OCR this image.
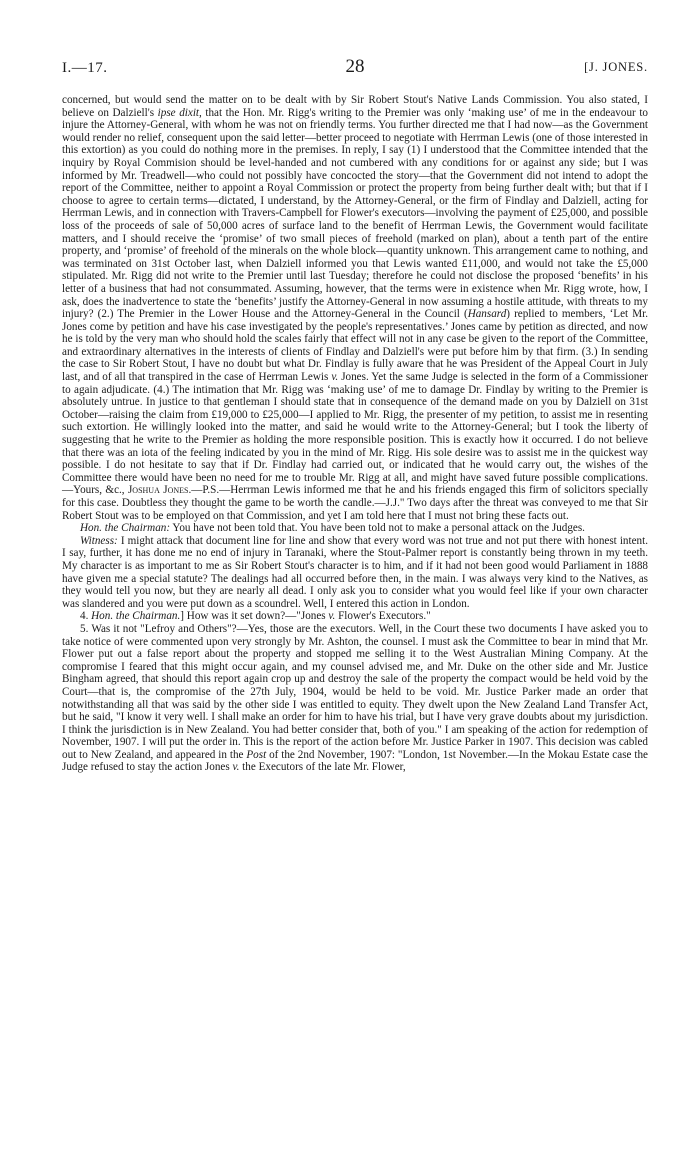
I.—17.	28	[J. JONES.

concerned, but would send the matter on to be dealt with by Sir Robert Stout's Native Lands Commission. You also stated, I believe on Dalziell's ipse dixit, that the Hon. Mr. Rigg's writing to the Premier was only ‘making use’ of me in the endeavour to injure the Attorney-General, with whom he was not on friendly terms. You further directed me that I had now—as the Government would render no relief, consequent upon the said letter—better proceed to negotiate with Herrman Lewis (one of those interested in this extortion) as you could do nothing more in the premises. In reply, I say (1) I understood that the Committee intended that the inquiry by Royal Commision should be level-handed and not cumbered with any conditions for or against any side; but I was informed by Mr. Treadwell—who could not possibly have concocted the story—that the Government did not intend to adopt the report of the Committee, neither to appoint a Royal Commission or protect the property from being further dealt with; but that if I choose to agree to certain terms—dictated, I understand, by the Attorney-General, or the firm of Findlay and Dalziell, acting for Herrman Lewis, and in connection with Travers-Campbell for Flower's executors—involving the payment of £25,000, and possible loss of the proceeds of sale of 50,000 acres of surface land to the benefit of Herrman Lewis, the Government would facilitate matters, and I should receive the ‘promise’ of two small pieces of freehold (marked on plan), about a tenth part of the entire property, and ‘promise’ of freehold of the minerals on the whole block—quantity unknown. This arrangement came to nothing, and was terminated on 31st October last, when Dalziell informed you that Lewis wanted £11,000, and would not take the £5,000 stipulated. Mr. Rigg did not write to the Premier until last Tuesday; therefore he could not disclose the proposed ‘benefits’ in his letter of a business that had not consummated. Assuming, however, that the terms were in existence when Mr. Rigg wrote, how, I ask, does the inadvertence to state the ‘benefits’ justify the Attorney-General in now assuming a hostile attitude, with threats to my injury? (2.) The Premier in the Lower House and the Attorney-General in the Council (Hansard) replied to members, ‘Let Mr. Jones come by petition and have his case investigated by the people's representatives.’ Jones came by petition as directed, and now he is told by the very man who should hold the scales fairly that effect will not in any case be given to the report of the Committee, and extraordinary alternatives in the interests of clients of Findlay and Dalziell's were put before him by that firm. (3.) In sending the case to Sir Robert Stout, I have no doubt but what Dr. Findlay is fully aware that he was President of the Appeal Court in July last, and of all that transpired in the case of Herrman Lewis v. Jones. Yet the same Judge is selected in the form of a Commissioner to again adjudicate. (4.) The intimation that Mr. Rigg was ‘making use’ of me to damage Dr. Findlay by writing to the Premier is absolutely untrue. In justice to that gentleman I should state that in consequence of the demand made on you by Dalziell on 31st October—raising the claim from £19,000 to £25,000—I applied to Mr. Rigg, the presenter of my petition, to assist me in resenting such extortion. He willingly looked into the matter, and said he would write to the Attorney-General; but I took the liberty of suggesting that he write to the Premier as holding the more responsible position. This is exactly how it occurred. I do not believe that there was an iota of the feeling indicated by you in the mind of Mr. Rigg. His sole desire was to assist me in the quickest way possible. I do not hesitate to say that if Dr. Findlay had carried out, or indicated that he would carry out, the wishes of the Committee there would have been no need for me to trouble Mr. Rigg at all, and might have saved future possible complications.—Yours, &c., Joshua Jones.—P.S.—Herrman Lewis informed me that he and his friends engaged this firm of solicitors specially for this case. Doubtless they thought the game to be worth the candle.—J.J." Two days after the threat was conveyed to me that Sir Robert Stout was to be employed on that Commission, and yet I am told here that I must not bring these facts out.

Hon. the Chairman: You have not been told that. You have been told not to make a personal attack on the Judges.

Witness: I might attack that document line for line and show that every word was not true and not put there with honest intent. I say, further, it has done me no end of injury in Taranaki, where the Stout-Palmer report is constantly being thrown in my teeth. My character is as important to me as Sir Robert Stout's character is to him, and if it had not been good would Parliament in 1888 have given me a special statute? The dealings had all occurred before then, in the main. I was always very kind to the Natives, as they would tell you now, but they are nearly all dead. I only ask you to consider what you would feel like if your own character was slandered and you were put down as a scoundrel. Well, I entered this action in London.

4. Hon. the Chairman.] How was it set down?—"Jones v. Flower's Executors."

5. Was it not "Lefroy and Others"?—Yes, those are the executors. Well, in the Court these two documents I have asked you to take notice of were commented upon very strongly by Mr. Ashton, the counsel. I must ask the Committee to bear in mind that Mr. Flower put out a false report about the property and stopped me selling it to the West Australian Mining Company. At the compromise I feared that this might occur again, and my counsel advised me, and Mr. Duke on the other side and Mr. Justice Bingham agreed, that should this report again crop up and destroy the sale of the property the compact would be held void by the Court—that is, the compromise of the 27th July, 1904, would be held to be void. Mr. Justice Parker made an order that notwithstanding all that was said by the other side I was entitled to equity. They dwelt upon the New Zealand Land Transfer Act, but he said, "I know it very well. I shall make an order for him to have his trial, but I have very grave doubts about my jurisdiction. I think the jurisdiction is in New Zealand. You had better consider that, both of you." I am speaking of the action for redemption of November, 1907. I will put the order in. This is the report of the action before Mr. Justice Parker in 1907. This decision was cabled out to New Zealand, and appeared in the Post of the 2nd November, 1907: "London, 1st November.—In the Mokau Estate case the Judge refused to stay the action Jones v. the Executors of the late Mr. Flower,
